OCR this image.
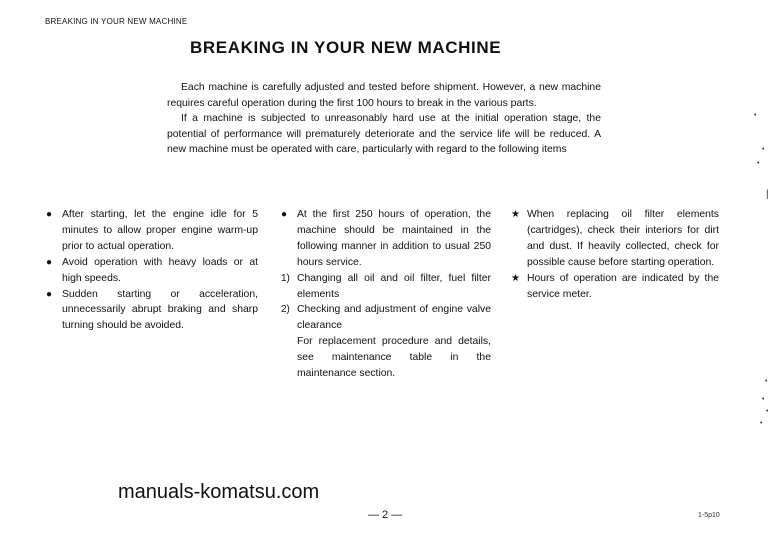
BREAKING IN YOUR NEW MACHINE
BREAKING IN YOUR NEW MACHINE

Each machine is carefully adjusted and tested before shipment. However, a new machine requires careful operation during the first 100 hours to break in the various parts.

If a machine is subjected to unreasonably hard use at the initial operation stage, the potential of performance will prematurely deteriorate and the service life will be reduced. A new machine must be operated with care, particularly with regard to the following items

● After starting, let the engine idle for 5 minutes to allow proper engine warm-up prior to actual operation.
● Avoid operation with heavy loads or at high speeds.
● Sudden starting or acceleration, unnecessarily abrupt braking and sharp turning should be avoided.
● At the first 250 hours of operation, the machine should be maintained in the following manner in addition to usual 250 hours service.
1) Changing all oil and oil filter, fuel filter elements
2) Checking and adjustment of engine valve clearance
For replacement procedure and details, see maintenance table in the maintenance section.
★ When replacing oil filter elements (cartridges), check their interiors for dirt and dust. If heavily collected, check for possible cause before starting operation.
★ Hours of operation are indicated by the service meter.
manuals-komatsu.com
— 2 —	1-5p10
•
•
•
|
•
•
•
•
